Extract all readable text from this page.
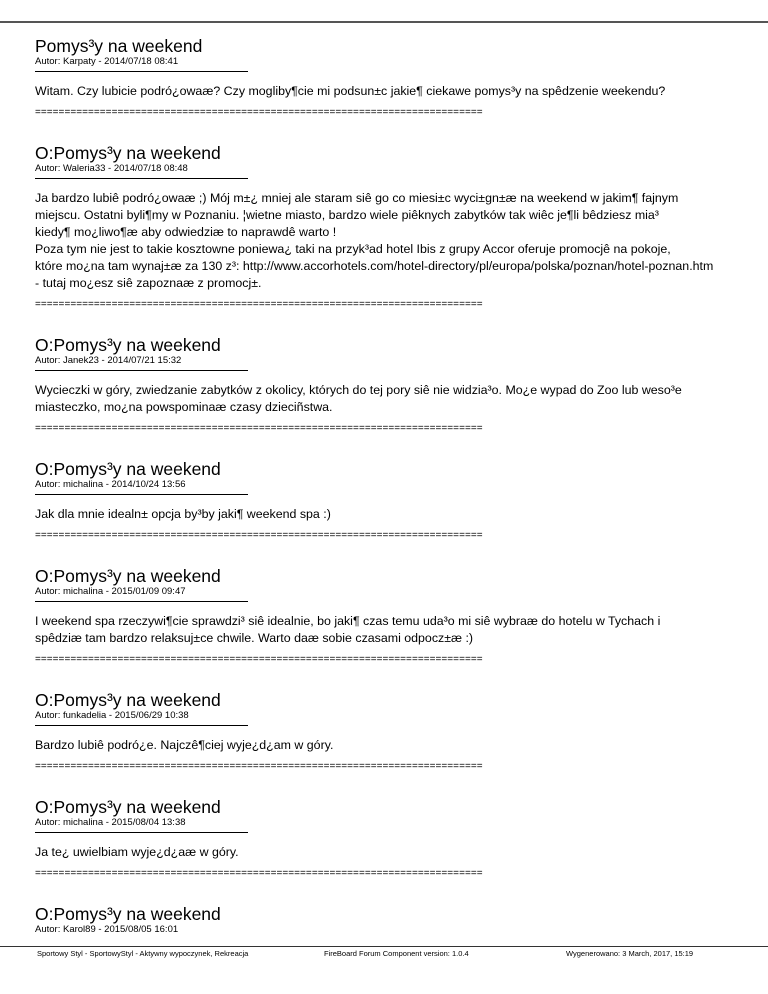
Pomys³y na weekend
Autor: Karpaty - 2014/07/18 08:41
Witam. Czy lubicie podró¿owaæ? Czy mogliby¶cie mi podsun±c jakie¶ ciekawe pomys³y na spêdzenie weekendu?
============================================================================
O:Pomys³y na weekend
Autor: Waleria33 - 2014/07/18 08:48
Ja bardzo lubiê podró¿owaæ ;) Mój m±¿ mniej ale staram siê go co miesi±c wyci±gn±æ na weekend w jakim¶ fajnym
miejscu. Ostatni byli¶my w Poznaniu. ¦wietne miasto, bardzo wiele piêknych zabytków tak wiêc je¶li bêdziesz mia³
kiedy¶ mo¿liwo¶æ aby odwiedziæ to naprawdê warto !
Poza tym nie jest to takie kosztowne poniewa¿ taki na przyk³ad hotel Ibis z grupy Accor oferuje promocjê na pokoje,
które mo¿na tam wynaj±æ za 130 z³: http://www.accorhotels.com/hotel-directory/pl/europa/polska/poznan/hotel-poznan.htm
- tutaj mo¿esz siê zapoznaæ z promocj±.
============================================================================
O:Pomys³y na weekend
Autor: Janek23 - 2014/07/21 15:32
Wycieczki w góry, zwiedzanie zabytków z okolicy, których do tej pory siê nie widzia³o. Mo¿e wypad do Zoo lub weso³e
miasteczko, mo¿na powspominaæ czasy dzieciñstwa.
============================================================================
O:Pomys³y na weekend
Autor: michalina - 2014/10/24 13:56
Jak dla mnie idealn± opcja by³by jaki¶ weekend spa :)
============================================================================
O:Pomys³y na weekend
Autor: michalina - 2015/01/09 09:47
I weekend spa rzeczywi¶cie sprawdzi³ siê idealnie, bo jaki¶ czas temu uda³o mi siê wybraæ do hotelu w Tychach i
spêdziæ tam bardzo relaksuj±ce chwile. Warto daæ sobie czasami odpocz±æ :)
============================================================================
O:Pomys³y na weekend
Autor: funkadelia - 2015/06/29 10:38
Bardzo lubiê podró¿e. Najczê¶ciej wyje¿d¿am w góry.
============================================================================
O:Pomys³y na weekend
Autor: michalina - 2015/08/04 13:38
Ja te¿ uwielbiam wyje¿d¿aæ w góry.
============================================================================
O:Pomys³y na weekend
Autor: Karol89 - 2015/08/05 16:01
Sportowy Styl - SportowyStyl - Aktywny wypoczynek, Rekreacja	FireBoard Forum Component version: 1.0.4	Wygenerowano: 3 March, 2017, 15:19
